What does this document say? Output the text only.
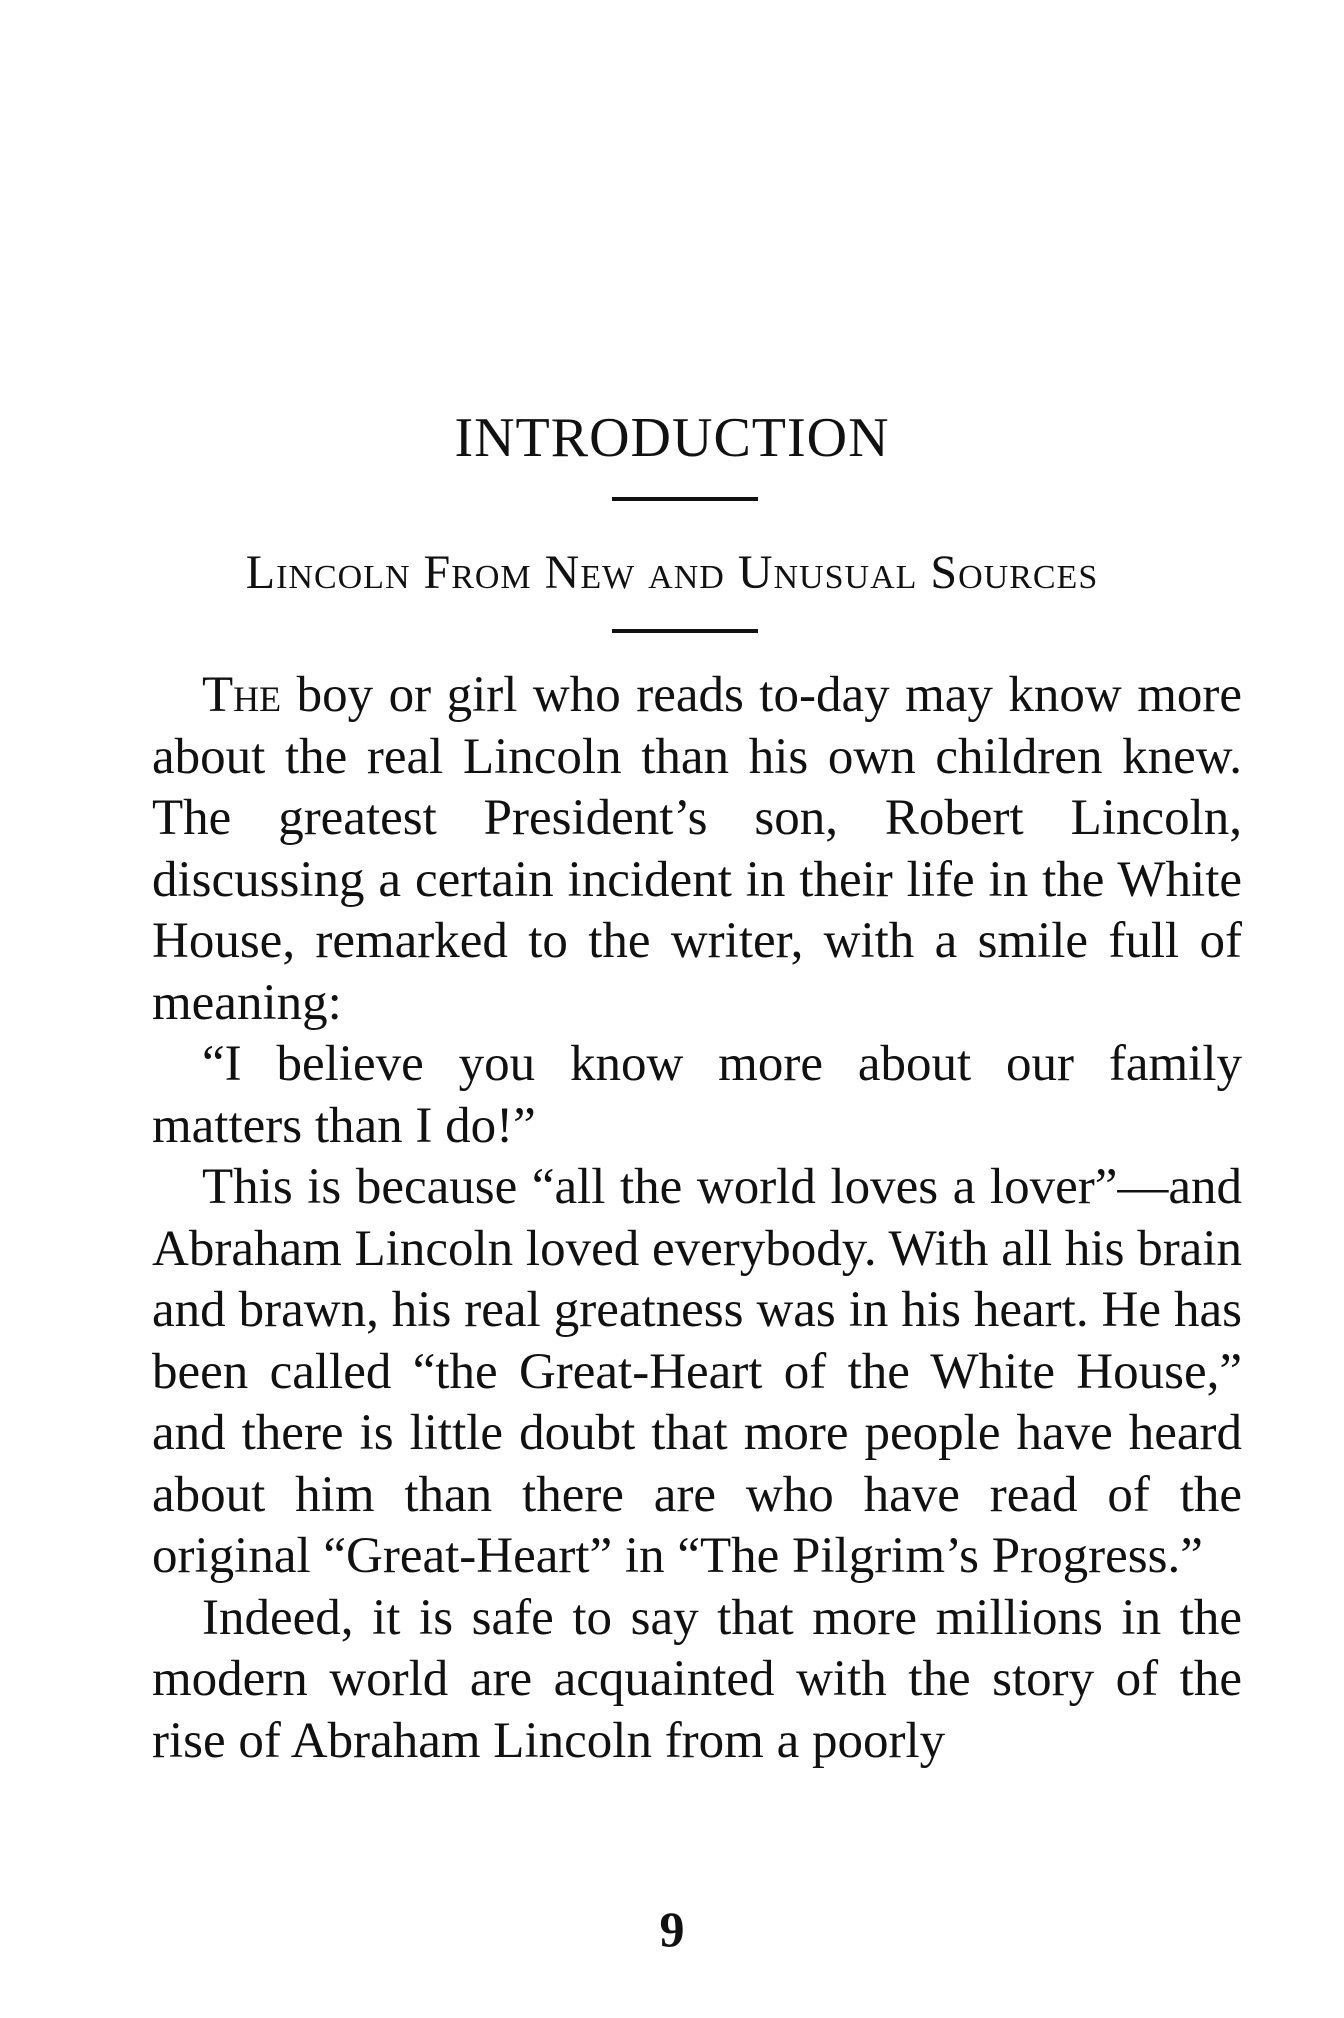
INTRODUCTION
Lincoln From New and Unusual Sources

The boy or girl who reads to-day may know more about the real Lincoln than his own children knew. The greatest President’s son, Robert Lincoln, discussing a certain incident in their life in the White House, remarked to the writer, with a smile full of meaning:

“I believe you know more about our family matters than I do!”

This is because “all the world loves a lover”—and Abraham Lincoln loved everybody. With all his brain and brawn, his real greatness was in his heart. He has been called “the Great-Heart of the White House,” and there is little doubt that more people have heard about him than there are who have read of the original “Great-Heart” in “The Pilgrim’s Progress.”

Indeed, it is safe to say that more millions in the modern world are acquainted with the story of the rise of Abraham Lincoln from a poorly

9
